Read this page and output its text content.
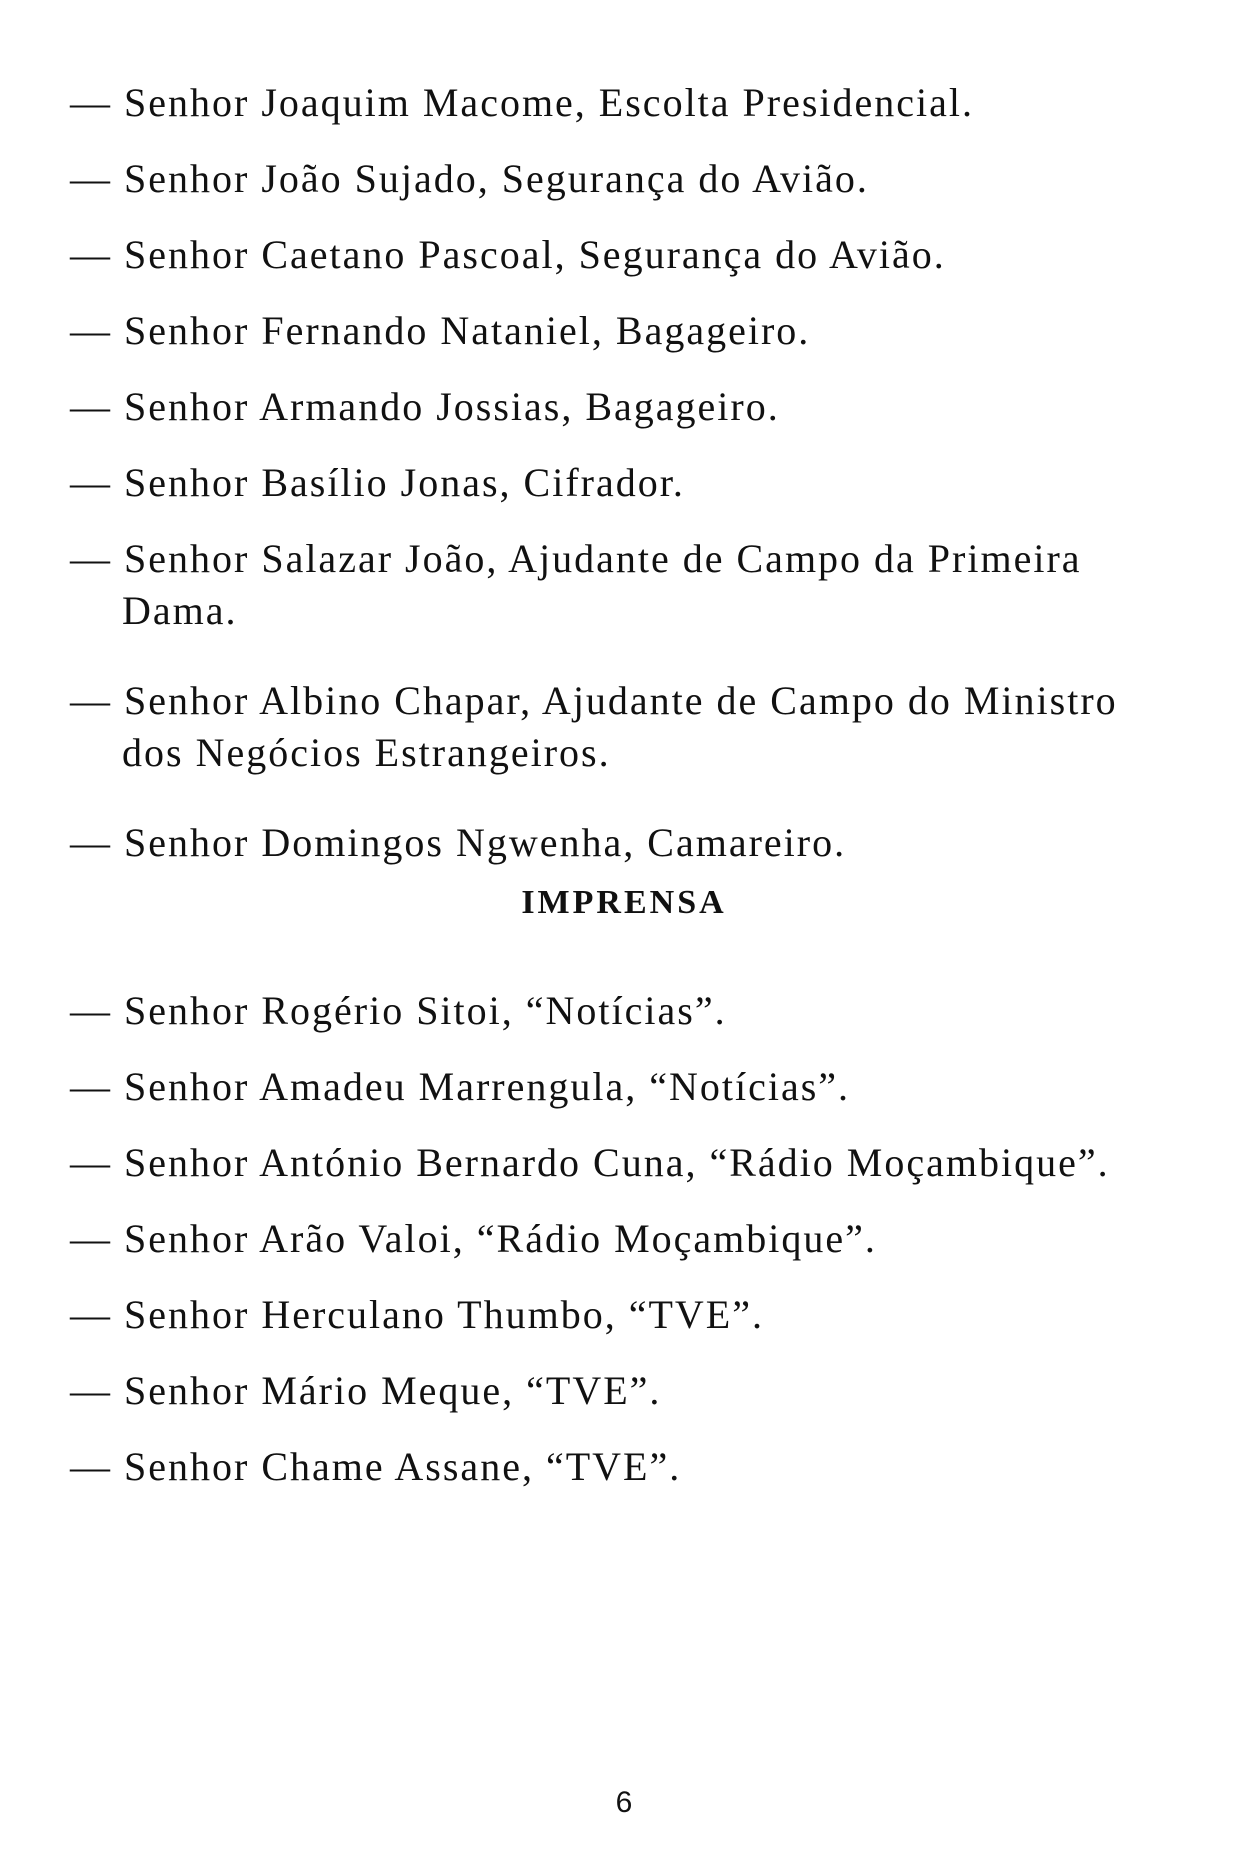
— Senhor Joaquim Macome, Escolta Presidencial.
— Senhor João Sujado, Segurança do Avião.
— Senhor Caetano Pascoal, Segurança do Avião.
— Senhor Fernando Nataniel, Bagageiro.
— Senhor Armando Jossias, Bagageiro.
— Senhor Basílio Jonas, Cifrador.
— Senhor Salazar João, Ajudante de Campo da Primeira
Dama.
— Senhor Albino Chapar, Ajudante de Campo do Ministro
dos Negócios Estrangeiros.
— Senhor Domingos Ngwenha, Camareiro.
IMPRENSA
— Senhor Rogério Sitoi, “Notícias”.
— Senhor Amadeu Marrengula, “Notícias”.
— Senhor António Bernardo Cuna, “Rádio Moçambique”.
— Senhor Arão Valoi, “Rádio Moçambique”.
— Senhor Herculano Thumbo, “TVE”.
— Senhor Mário Meque, “TVE”.
— Senhor Chame Assane, “TVE”.
6
